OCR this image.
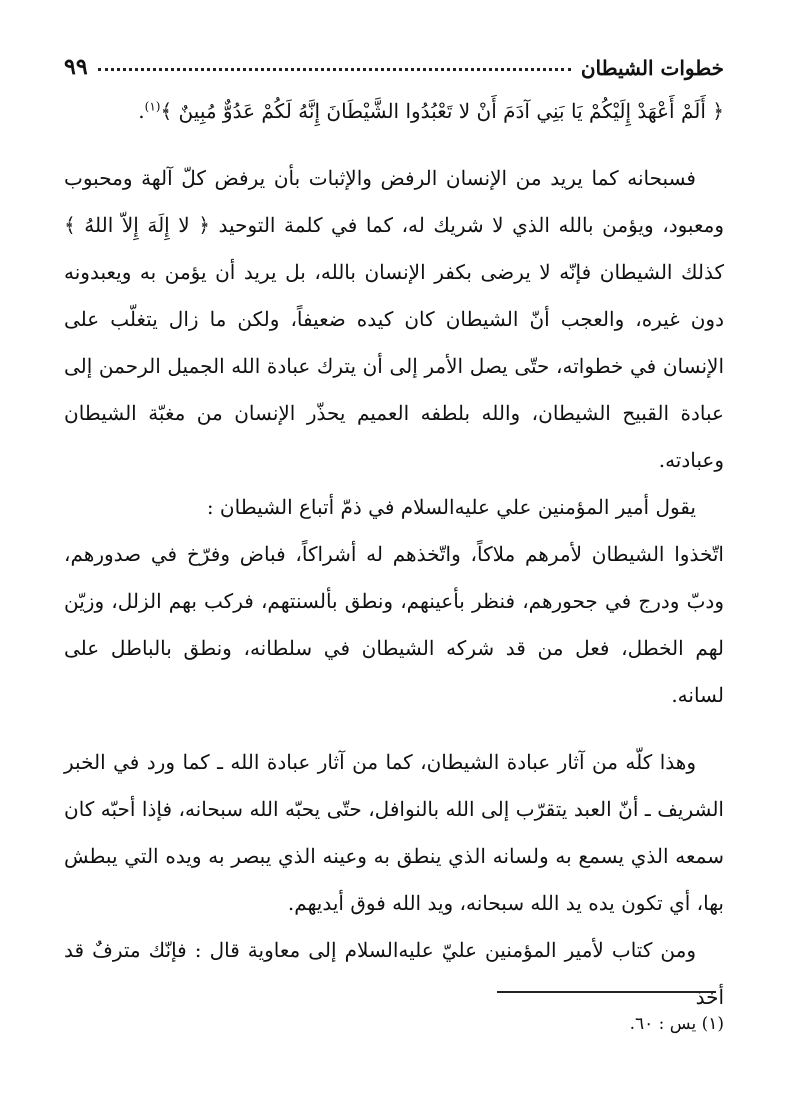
٩٩	خطوات الشيطان

﴿ أَلَمْ أَعْهَدْ إِلَيْكُمْ يَا بَنِي آدَمَ أَنْ لا تَعْبُدُوا الشَّيْطَانَ إِنَّهُ لَكُمْ عَدُوٌّ مُبِينٌ ﴾$^{(١)}$.

فسبحانه كما يريد من الإنسان الرفض والإثبات بأن يرفض كلّ آلهة ومحبوب ومعبود، ويؤمن بالله الذي لا شريك له، كما في كلمة التوحيد ﴿ لا إِلَهَ إِلاّ اللهُ ﴾ كذلك الشيطان فإنّه لا يرضى بكفر الإنسان بالله، بل يريد أن يؤمن به ويعبدونه دون غيره، والعجب أنّ الشيطان كان كيده ضعيفاً، ولكن ما زال يتغلّب على الإنسان في خطواته، حتّى يصل الأمر إلى أن يترك عبادة الله الجميل الرحمن إلى عبادة القبيح الشيطان، والله بلطفه العميم يحذّر الإنسان من مغبّة الشيطان وعبادته.

يقول أمير المؤمنين علي عليه‌السلام في ذمّ أتباع الشيطان :

اتّخذوا الشيطان لأمرهم ملاكاً، واتّخذهم له أشراكاً، فباض وفرّخ في صدورهم، ودبّ ودرج في جحورهم، فنظر بأعينهم، ونطق بألسنتهم، فركب بهم الزلل، وزيّن لهم الخطل، فعل من قد شركه الشيطان في سلطانه، ونطق بالباطل على لسانه.

وهذا كلّه من آثار عبادة الشيطان، كما من آثار عبادة الله ـ كما ورد في الخبر الشريف ـ أنّ العبد يتقرّب إلى الله بالنوافل، حتّى يحبّه الله سبحانه، فإذا أحبّه كان سمعه الذي يسمع به ولسانه الذي ينطق به وعينه الذي يبصر به ويده التي يبطش بها، أي تكون يده يد الله سبحانه، ويد الله فوق أيديهم.

ومن كتاب لأمير المؤمنين عليّ عليه‌السلام إلى معاوية قال : فإنّك مترفٌ قد أخذ

(١) يس : ٦٠.
